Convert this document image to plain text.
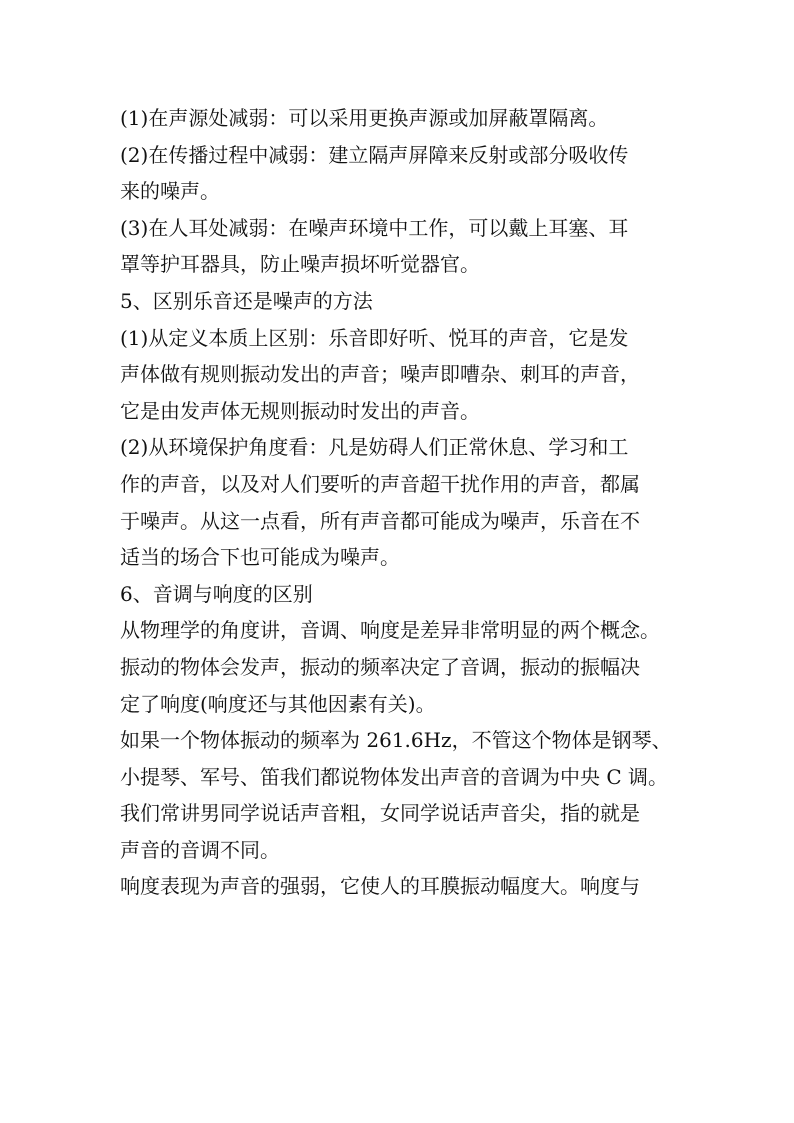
(1)在声源处减弱：可以采用更换声源或加屏蔽罩隔离。
(2)在传播过程中减弱：建立隔声屏障来反射或部分吸收传
来的噪声。
(3)在人耳处减弱：在噪声环境中工作，可以戴上耳塞、耳
罩等护耳器具，防止噪声损坏听觉器官。
5、区别乐音还是噪声的方法
(1)从定义本质上区别：乐音即好听、悦耳的声音，它是发
声体做有规则振动发出的声音；噪声即嘈杂、刺耳的声音，
它是由发声体无规则振动时发出的声音。
(2)从环境保护角度看：凡是妨碍人们正常休息、学习和工
作的声音，以及对人们要听的声音超干扰作用的声音，都属
于噪声。从这一点看，所有声音都可能成为噪声，乐音在不
适当的场合下也可能成为噪声。
6、音调与响度的区别
从物理学的角度讲，音调、响度是差异非常明显的两个概念。
振动的物体会发声，振动的频率决定了音调，振动的振幅决
定了响度(响度还与其他因素有关)。
如果一个物体振动的频率为 261.6Hz，不管这个物体是钢琴、
小提琴、军号、笛我们都说物体发出声音的音调为中央 C 调。
我们常讲男同学说话声音粗，女同学说话声音尖，指的就是
声音的音调不同。
响度表现为声音的强弱，它使人的耳膜振动幅度大。响度与
